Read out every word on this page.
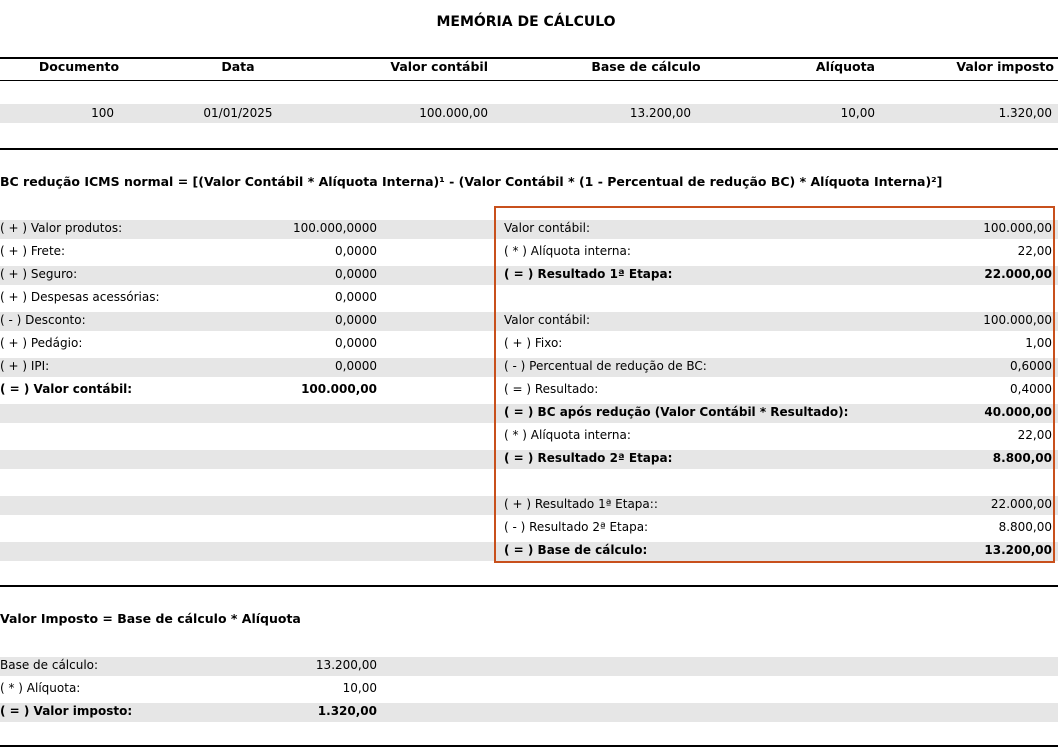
MEMÓRIA DE CÁLCULO
Documento	Data	Valor contábil	Base de cálculo	Alíquota	Valor imposto
100	01/01/2025	100.000,00	13.200,00	10,00	1.320,00
BC redução ICMS normal = [(Valor Contábil * Alíquota Interna)¹ - (Valor Contábil * (1 - Percentual de redução BC) * Alíquota Interna)²]
( + ) Valor produtos:	100.000,0000
( + ) Frete:	0,0000
( + ) Seguro:	0,0000
( + ) Despesas acessórias:	0,0000
( - ) Desconto:	0,0000
( + ) Pedágio:	0,0000
( + ) IPI:	0,0000
( = ) Valor contábil:	100.000,00
Valor contábil:	100.000,00
( * ) Alíquota interna:	22,00
( = ) Resultado 1ª Etapa:	22.000,00
Valor contábil:	100.000,00
( + ) Fixo:	1,00
( - ) Percentual de redução de BC:	0,6000
( = ) Resultado:	0,4000
( = ) BC após redução (Valor Contábil * Resultado):	40.000,00
( * ) Alíquota interna:	22,00
( = ) Resultado 2ª Etapa:	8.800,00
( + ) Resultado 1ª Etapa::	22.000,00
( - ) Resultado 2ª Etapa:	8.800,00
( = ) Base de cálculo:	13.200,00
Valor Imposto = Base de cálculo * Alíquota
Base de cálculo:	13.200,00
( * ) Alíquota:	10,00
( = ) Valor imposto:	1.320,00
